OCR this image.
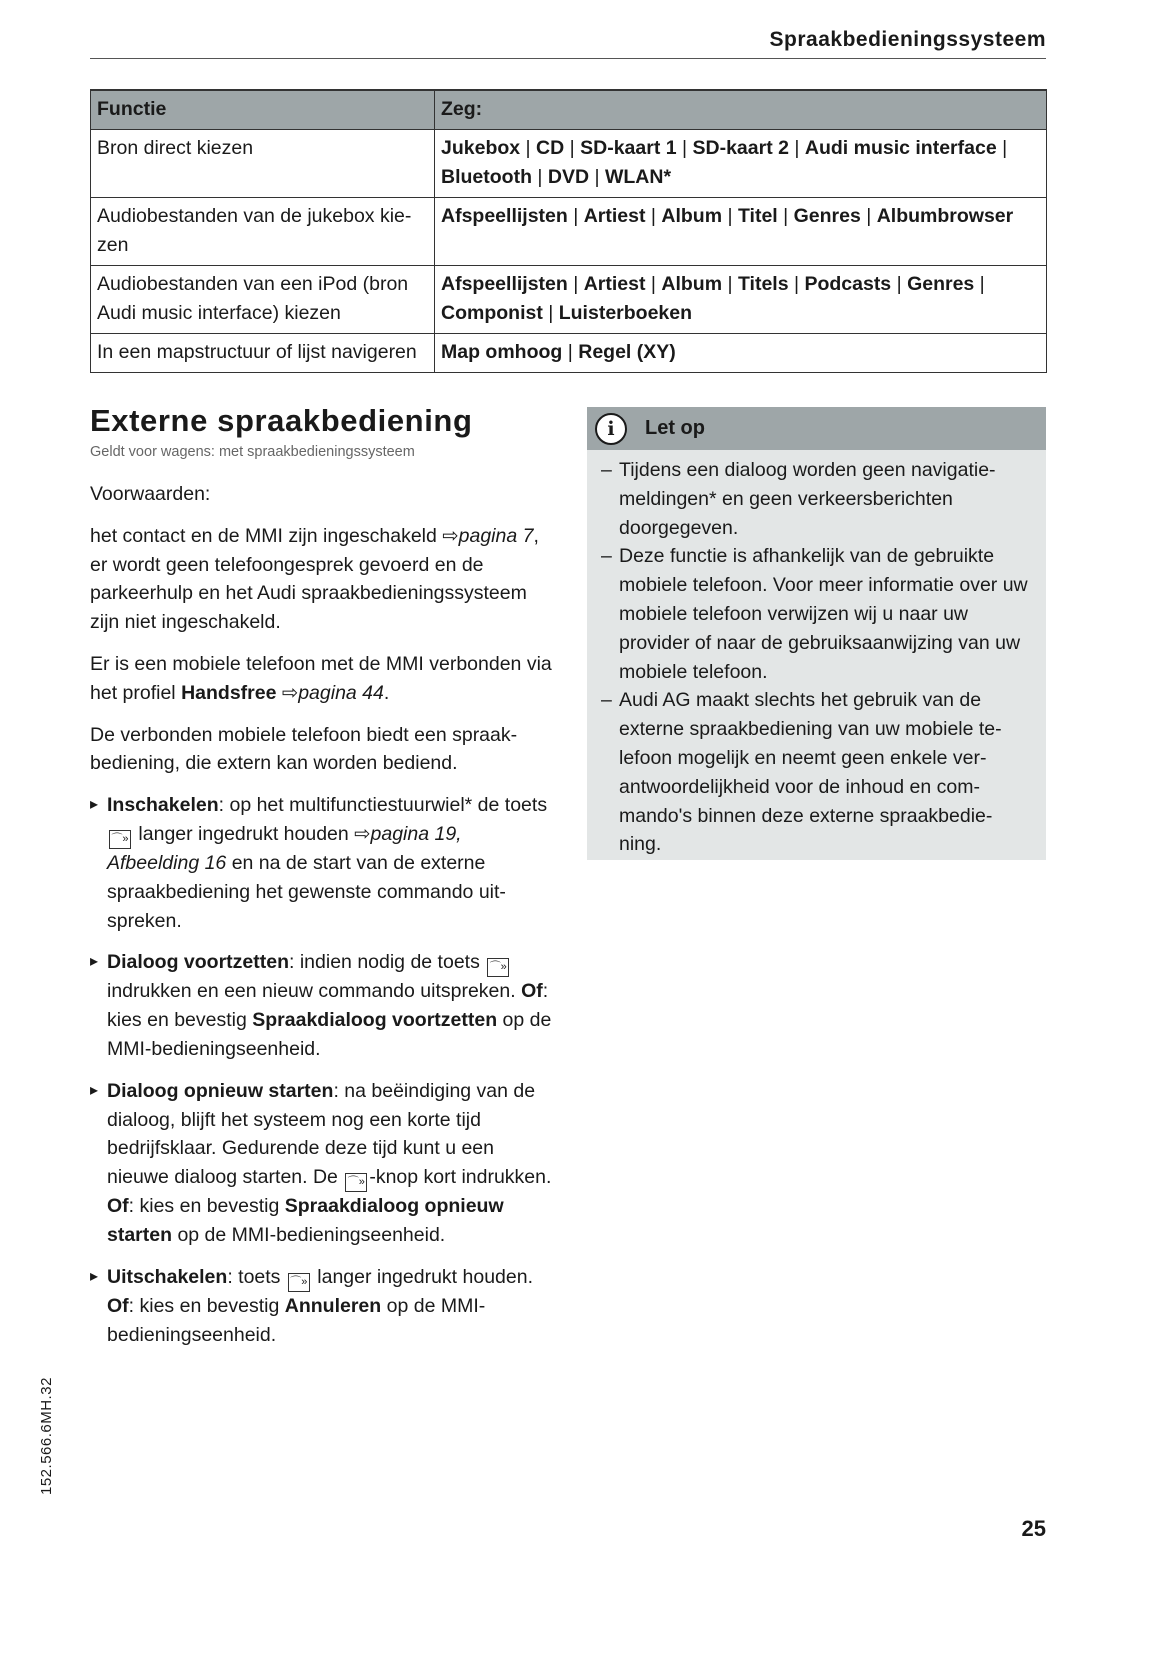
Spraakbedieningssysteem
Functie	Zeg:
Bron direct kiezen	Jukebox | CD | SD-kaart 1 | SD-kaart 2 | Audi music interface | Bluetooth | DVD | WLAN*
Audiobestanden van de jukebox kiezen	Afspeellijsten | Artiest | Album | Titel | Genres | Albumbrowser
Audiobestanden van een iPod (bron Audi music interface) kiezen	Afspeellijsten | Artiest | Album | Titels | Podcasts | Genres | Componist | Luisterboeken
In een mapstructuur of lijst navigeren	Map omhoog | Regel (XY)
Externe spraakbediening
Geldt voor wagens: met spraakbedieningssysteem

Voorwaarden:

het contact en de MMI zijn ingeschakeld ⇨pagina 7, er wordt geen telefoongesprek gevoerd en de parkeerhulp en het Audi spraakbedieningssysteem zijn niet ingeschakeld.

Er is een mobiele telefoon met de MMI verbonden via het profiel Handsfree ⇨pagina 44.

De verbonden mobiele telefoon biedt een spraakbediening, die extern kan worden bediend.

▸ Inschakelen: op het multifunctiestuurwiel* de toets ⌒» langer ingedrukt houden ⇨pagina 19, Afbeelding 16 en na de start van de externe spraakbediening het gewenste commando uitspreken.

▸ Dialoog voortzetten: indien nodig de toets ⌒» indrukken en een nieuw commando uitspreken. Of: kies en bevestig Spraakdialoog voortzetten op de MMI-bedieningseenheid.

▸ Dialoog opnieuw starten: na beëindiging van de dialoog, blijft het systeem nog een korte tijd bedrijfsklaar. Gedurende deze tijd kunt u een nieuwe dialoog starten. De ⌒» -knop kort indrukken. Of: kies en bevestig Spraakdialoog opnieuw starten op de MMI-bedieningseenheid.

▸ Uitschakelen: toets ⌒» langer ingedrukt houden. Of: kies en bevestig Annuleren op de MMI-bedieningseenheid.

i	Let op
– Tijdens een dialoog worden geen navigatiemeldingen* en geen verkeersberichten doorgegeven.
– Deze functie is afhankelijk van de gebruikte mobiele telefoon. Voor meer informatie over uw mobiele telefoon verwijzen wij u naar uw provider of naar de gebruiksaanwijzing van uw mobiele telefoon.
– Audi AG maakt slechts het gebruik van de externe spraakbediening van uw mobiele telefoon mogelijk en neemt geen enkele verantwoordelijkheid voor de inhoud en commando's binnen deze externe spraakbediening.
152.566.6MH.32
25
